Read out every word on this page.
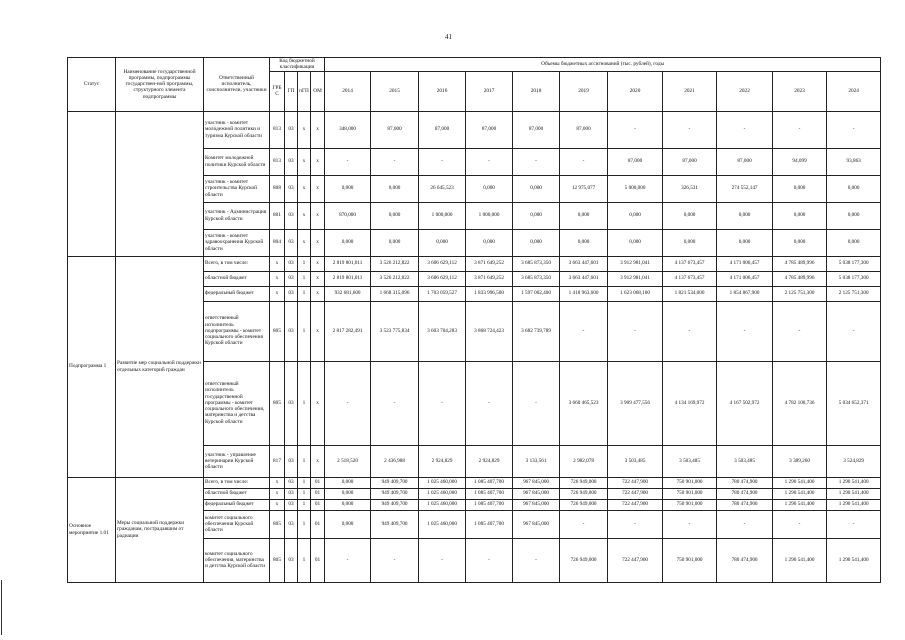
41
Статус	Наименование государственной программы, подпрограммы государствен-ной программы, структурного элемента подпрограммы	Ответственный исполнитель, соисполнители, участники	Код бюджетной классификации				Объемы бюджетных ассигнований (тыс. рублей), годы										
			ГРБС	ГП	пГП	ОМ	2014	2015	2016	2017	2018	2019	2020	2021	2022	2023	2024
		участник - комитет молодежной политики и туризма Курской области	813	03	х	х	348,000	87,000	87,000	87,000	87,000	87,000	-	-	-	-	-
		Комитет молодежной политики Курской области	813	03	х	х	-	-	-	-	-	-	87,000	87,000	87,000	94,099	93,863
		участник - комитет строительства Курской области	808	03	х	х	0,000	0,000	26 645,523	0,000	0,000	12 975,077	5 000,000	326,531	274 552,147	0,000	0,000
		участник - Администрация Курской области	801	03	х	х	870,000	0,000	1 000,000	1 000,000	0,000	0,000	0,000	0,000	0,000	0,000	0,000
		участник - комитет здравоохранения Курской области	804	03	х	х	0,000	0,000	0,000	0,000	0,000	0,000	0,000	0,000	0,000	0,000	0,000
Подпрограмма 1	Развитие мер социальной поддержки отдельных категорий граждан	Всего, в том числе:	х	03	1	х	2 819 801,011	3 526 212,822	3 606 629,112	3 871 649,252	3 685 873,350	3 663 447,601	3 912 981,041	4 137 673,457	4 171 006,457	4 785 489,996	5 038 177,300
		областной бюджет	х	03	1	х	2 819 801,011	3 526 212,822	3 606 629,112	3 871 649,252	3 685 873,350	3 663 447,601	3 912 981,041	4 137 673,457	4 171 006,457	4 785 489,996	5 038 177,300
		федеральный бюджет	х	03	1	х	932 681,600	1 668 315,096	1 703 059,527	1 833 996,500	1 597 002,400	1 418 963,600	1 623 068,100	1 821 534,000	1 854 867,900	2 125 751,300	2 125 751,300
		ответственный исполнитель подпрограммы - комитет социального обеспечения Курской области	805	03	1	х	2 817 282,491	3 523 775,834	3 603 704,283	3 868 724,423	3 682 739,789	-	-	-	-	-	-
		ответственный исполнитель государственной программы - комитет социального обеспечения, материнства и детства Курской области	805	03	1	х	-	-	-	-	-	3 660 465,523	3 909 477,556	4 134 169,972	4 167 502,972	4 782 100,736	5 034 652,371
		участник - управление ветеринарии Курской области	817	03	1	х	2 518,520	2 436,988	2 924,829	2 924,829	3 133,561	2 982,078	3 503,485	3 503,485	3 503,485	3 389,260	3 524,829
Основное мероприятие 1.01	Меры социальной поддержки гражданам, пострадавшим от радиации	Всего, в том числе:	х	03	1	01	0,000	949 409,700	1 025 460,000	1 085 407,700	967 845,000	726 949,000	722 447,900	750 901,000	780 474,900	1 290 541,400	1 290 541,400
		областной бюджет	х	03	1	01	0,000	949 409,700	1 025 460,000	1 085 407,700	967 845,000	726 949,000	722 447,900	750 901,000	780 474,900	1 290 541,400	1 290 541,400
		федеральный бюджет	х	03	1	01	0,000	949 409,700	1 025 460,000	1 085 407,700	967 845,000	726 949,000	722 447,900	750 901,000	780 474,900	1 290 541,400	1 290 541,400
		комитет социального обеспечения Курской области	805	03	1	01	0,000	949 409,700	1 025 460,000	1 085 407,700	967 845,000	-	-	-	-	-	-
		комитет социального обеспечения, материнства и детства Курской области	805	03	1	01	-	-	-	-	-	726 949,000	722 447,900	750 901,000	780 474,900	1 290 541,400	1 290 541,400
